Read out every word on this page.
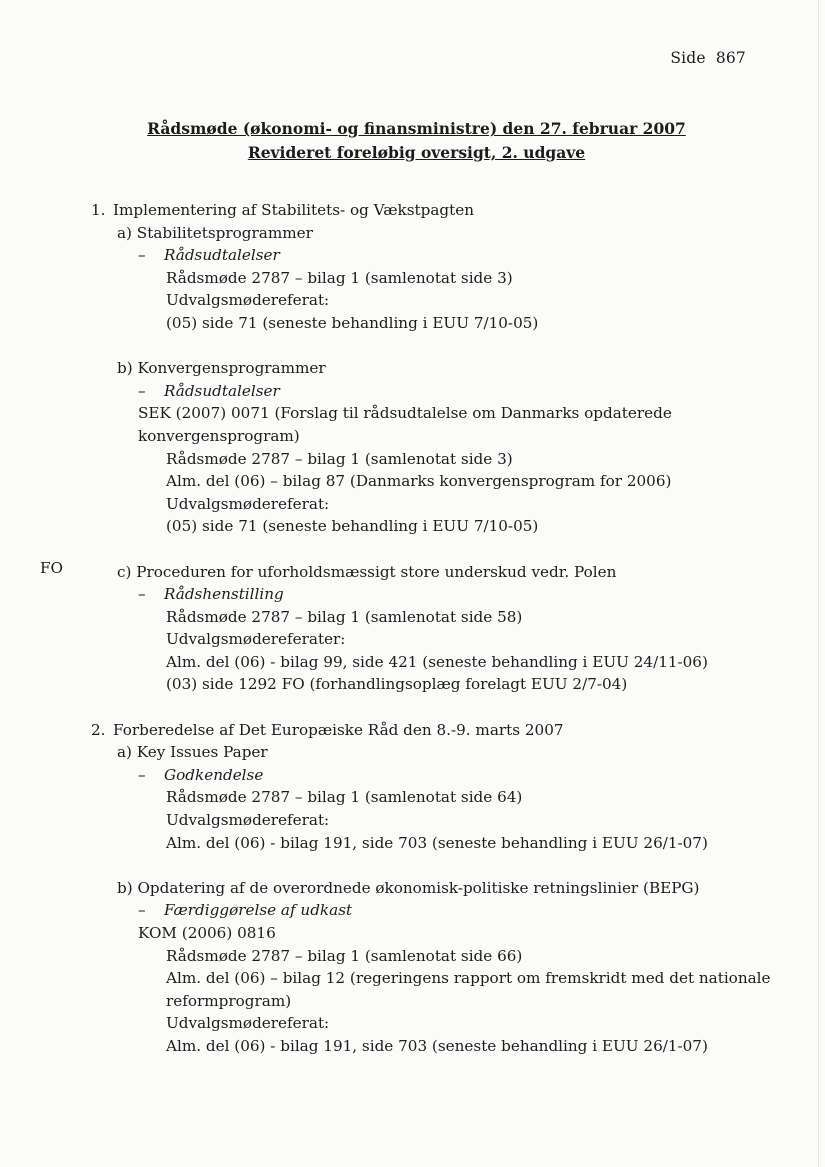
Side 867
Rådsmøde (økonomi- og finansministre) den 27. februar 2007
Revideret foreløbig oversigt, 2. udgave
FO
1. Implementering af Stabilitets- og Vækstpagten
a) Stabilitetsprogrammer
– Rådsudtalelser
Rådsmøde 2787 – bilag 1 (samlenotat side 3)
Udvalgsmødereferat:
(05) side 71 (seneste behandling i EUU 7/10-05)
b) Konvergensprogrammer
– Rådsudtalelser
SEK (2007) 0071 (Forslag til rådsudtalelse om Danmarks opdaterede
konvergensprogram)
Rådsmøde 2787 – bilag 1 (samlenotat side 3)
Alm. del (06) – bilag 87 (Danmarks konvergensprogram for 2006)
Udvalgsmødereferat:
(05) side 71 (seneste behandling i EUU 7/10-05)
c) Proceduren for uforholdsmæssigt store underskud vedr. Polen
– Rådshenstilling
Rådsmøde 2787 – bilag 1 (samlenotat side 58)
Udvalgsmødereferater:
Alm. del (06) - bilag 99, side 421 (seneste behandling i EUU 24/11-06)
(03) side 1292 FO (forhandlingsoplæg forelagt EUU 2/7-04)
2. Forberedelse af Det Europæiske Råd den 8.-9. marts 2007
a) Key Issues Paper
– Godkendelse
Rådsmøde 2787 – bilag 1 (samlenotat side 64)
Udvalgsmødereferat:
Alm. del (06) - bilag 191, side 703 (seneste behandling i EUU 26/1-07)
b) Opdatering af de overordnede økonomisk-politiske retningslinier (BEPG)
– Færdiggørelse af udkast
KOM (2006) 0816
Rådsmøde 2787 – bilag 1 (samlenotat side 66)
Alm. del (06) – bilag 12 (regeringens rapport om fremskridt med det nationale
reformprogram)
Udvalgsmødereferat:
Alm. del (06) - bilag 191, side 703 (seneste behandling i EUU 26/1-07)
